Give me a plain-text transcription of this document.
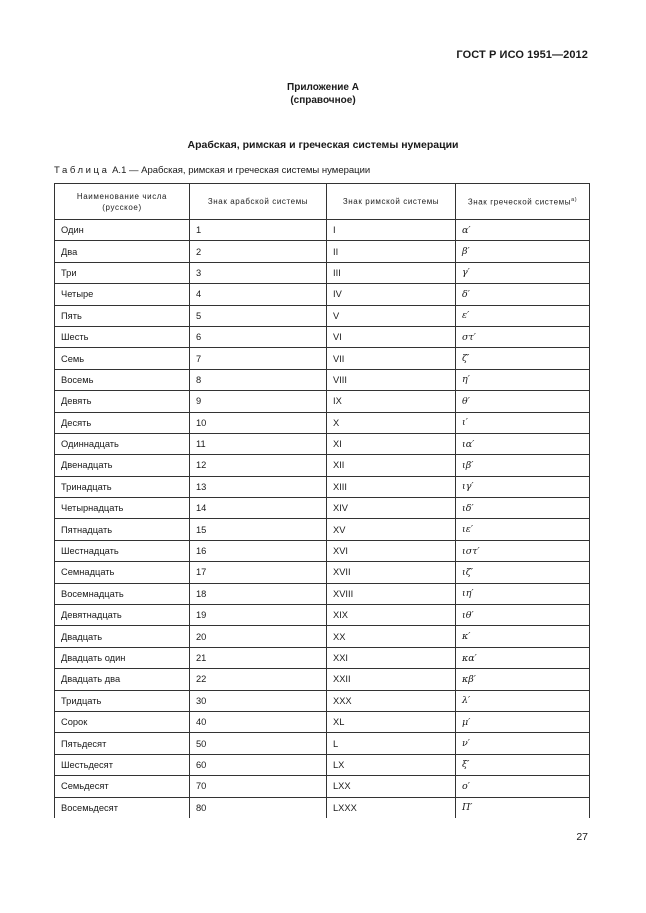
ГОСТ Р ИСО 1951—2012
Приложение А
(справочное)
Арабская, римская и греческая системы нумерации
Таблица А.1 — Арабская, римская и греческая системы нумерации
Наименование числа
(русское)	Знак арабской системы	Знак римской системы	Знак греческой системы$^{а)}$
Один	1	I	α′
Два	2	II	β′
Три	3	III	γ′
Четыре	4	IV	δ′
Пять	5	V	ε′
Шесть	6	VI	στ′
Семь	7	VII	ζ′
Восемь	8	VIII	η′
Девять	9	IX	θ′
Десять	10	X	ι′
Одиннадцать	11	XI	ια′
Двенадцать	12	XII	ιβ′
Тринадцать	13	XIII	ιγ′
Четырнадцать	14	XIV	ιδ′
Пятнадцать	15	XV	ιε′
Шестнадцать	16	XVI	ιστ′
Семнадцать	17	XVII	ιζ′
Восемнадцать	18	XVIII	ιη′
Девятнадцать	19	XIX	ιθ′
Двадцать	20	XX	κ′
Двадцать один	21	XXI	κα′
Двадцать два	22	XXII	κβ′
Тридцать	30	XXX	λ′
Сорок	40	XL	μ′
Пятьдесят	50	L	ν′
Шестьдесят	60	LX	ξ′
Семьдесят	70	LXX	ο′
Восемьдесят	80	LXXX	Π′
27
